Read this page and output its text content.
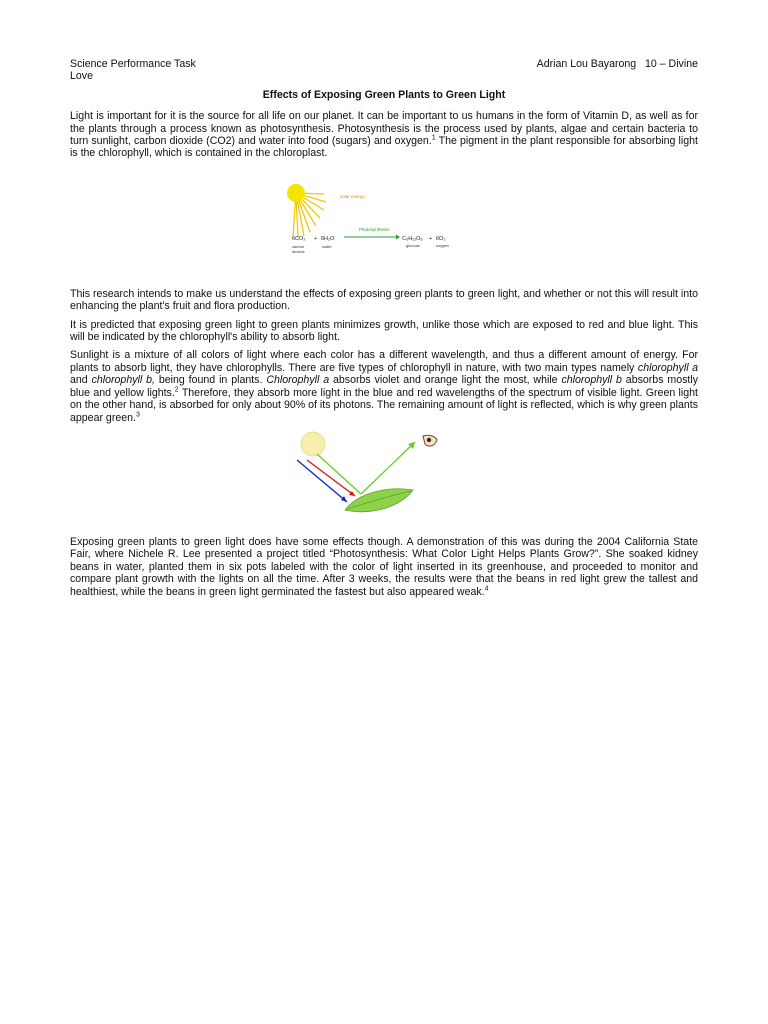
Science Performance Task	Adrian Lou Bayarong   10 – Divine
Love
Effects of Exposing Green Plants to Green Light

Light is important for it is the source for all life on our planet. It can be important to us humans in the form of Vitamin D, as well as for the plants through a process known as photosynthesis. Photosynthesis is the process used by plants, algae and certain bacteria to turn sunlight, carbon dioxide (CO2) and water into food (sugars) and oxygen.$^1$ The pigment in the plant responsible for absorbing light is the chlorophyll, which is contained in the chloroplast.

solar energy
Photosynthesis
6CO₂ + 6H₂O	C₆H₁₂O₆ + 6O₂
carbon
dioxide
water	glucose	oxygen

This research intends to make us understand the effects of exposing green plants to green light, and whether or not this will result into enhancing the plant's fruit and flora production.

It is predicted that exposing green light to green plants minimizes growth, unlike those which are exposed to red and blue light. This will be indicated by the chlorophyll's ability to absorb light.

Sunlight is a mixture of all colors of light where each color has a different wavelength, and thus a different amount of energy. For plants to absorb light, they have chlorophylls. There are five types of chlorophyll in nature, with two main types namely chlorophyll a and chlorophyll b, being found in plants. Chlorophyll a absorbs violet and orange light the most, while chlorophyll b absorbs mostly blue and yellow lights.$^2$ Therefore, they absorb more light in the blue and red wavelengths of the spectrum of visible light. Green light on the other hand, is absorbed for only about 90% of its photons. The remaining amount of light is reflected, which is why green plants appear green.$^3$

Exposing green plants to green light does have some effects though. A demonstration of this was during the 2004 California State Fair, where Nichele R. Lee presented a project titled “Photosynthesis: What Color Light Helps Plants Grow?”. She soaked kidney beans in water, planted them in six pots labeled with the color of light inserted in its greenhouse, and proceeded to monitor and compare plant growth with the lights on all the time. After 3 weeks, the results were that the beans in red light grew the tallest and healthiest, while the beans in green light germinated the fastest but also appeared weak.$^4$
